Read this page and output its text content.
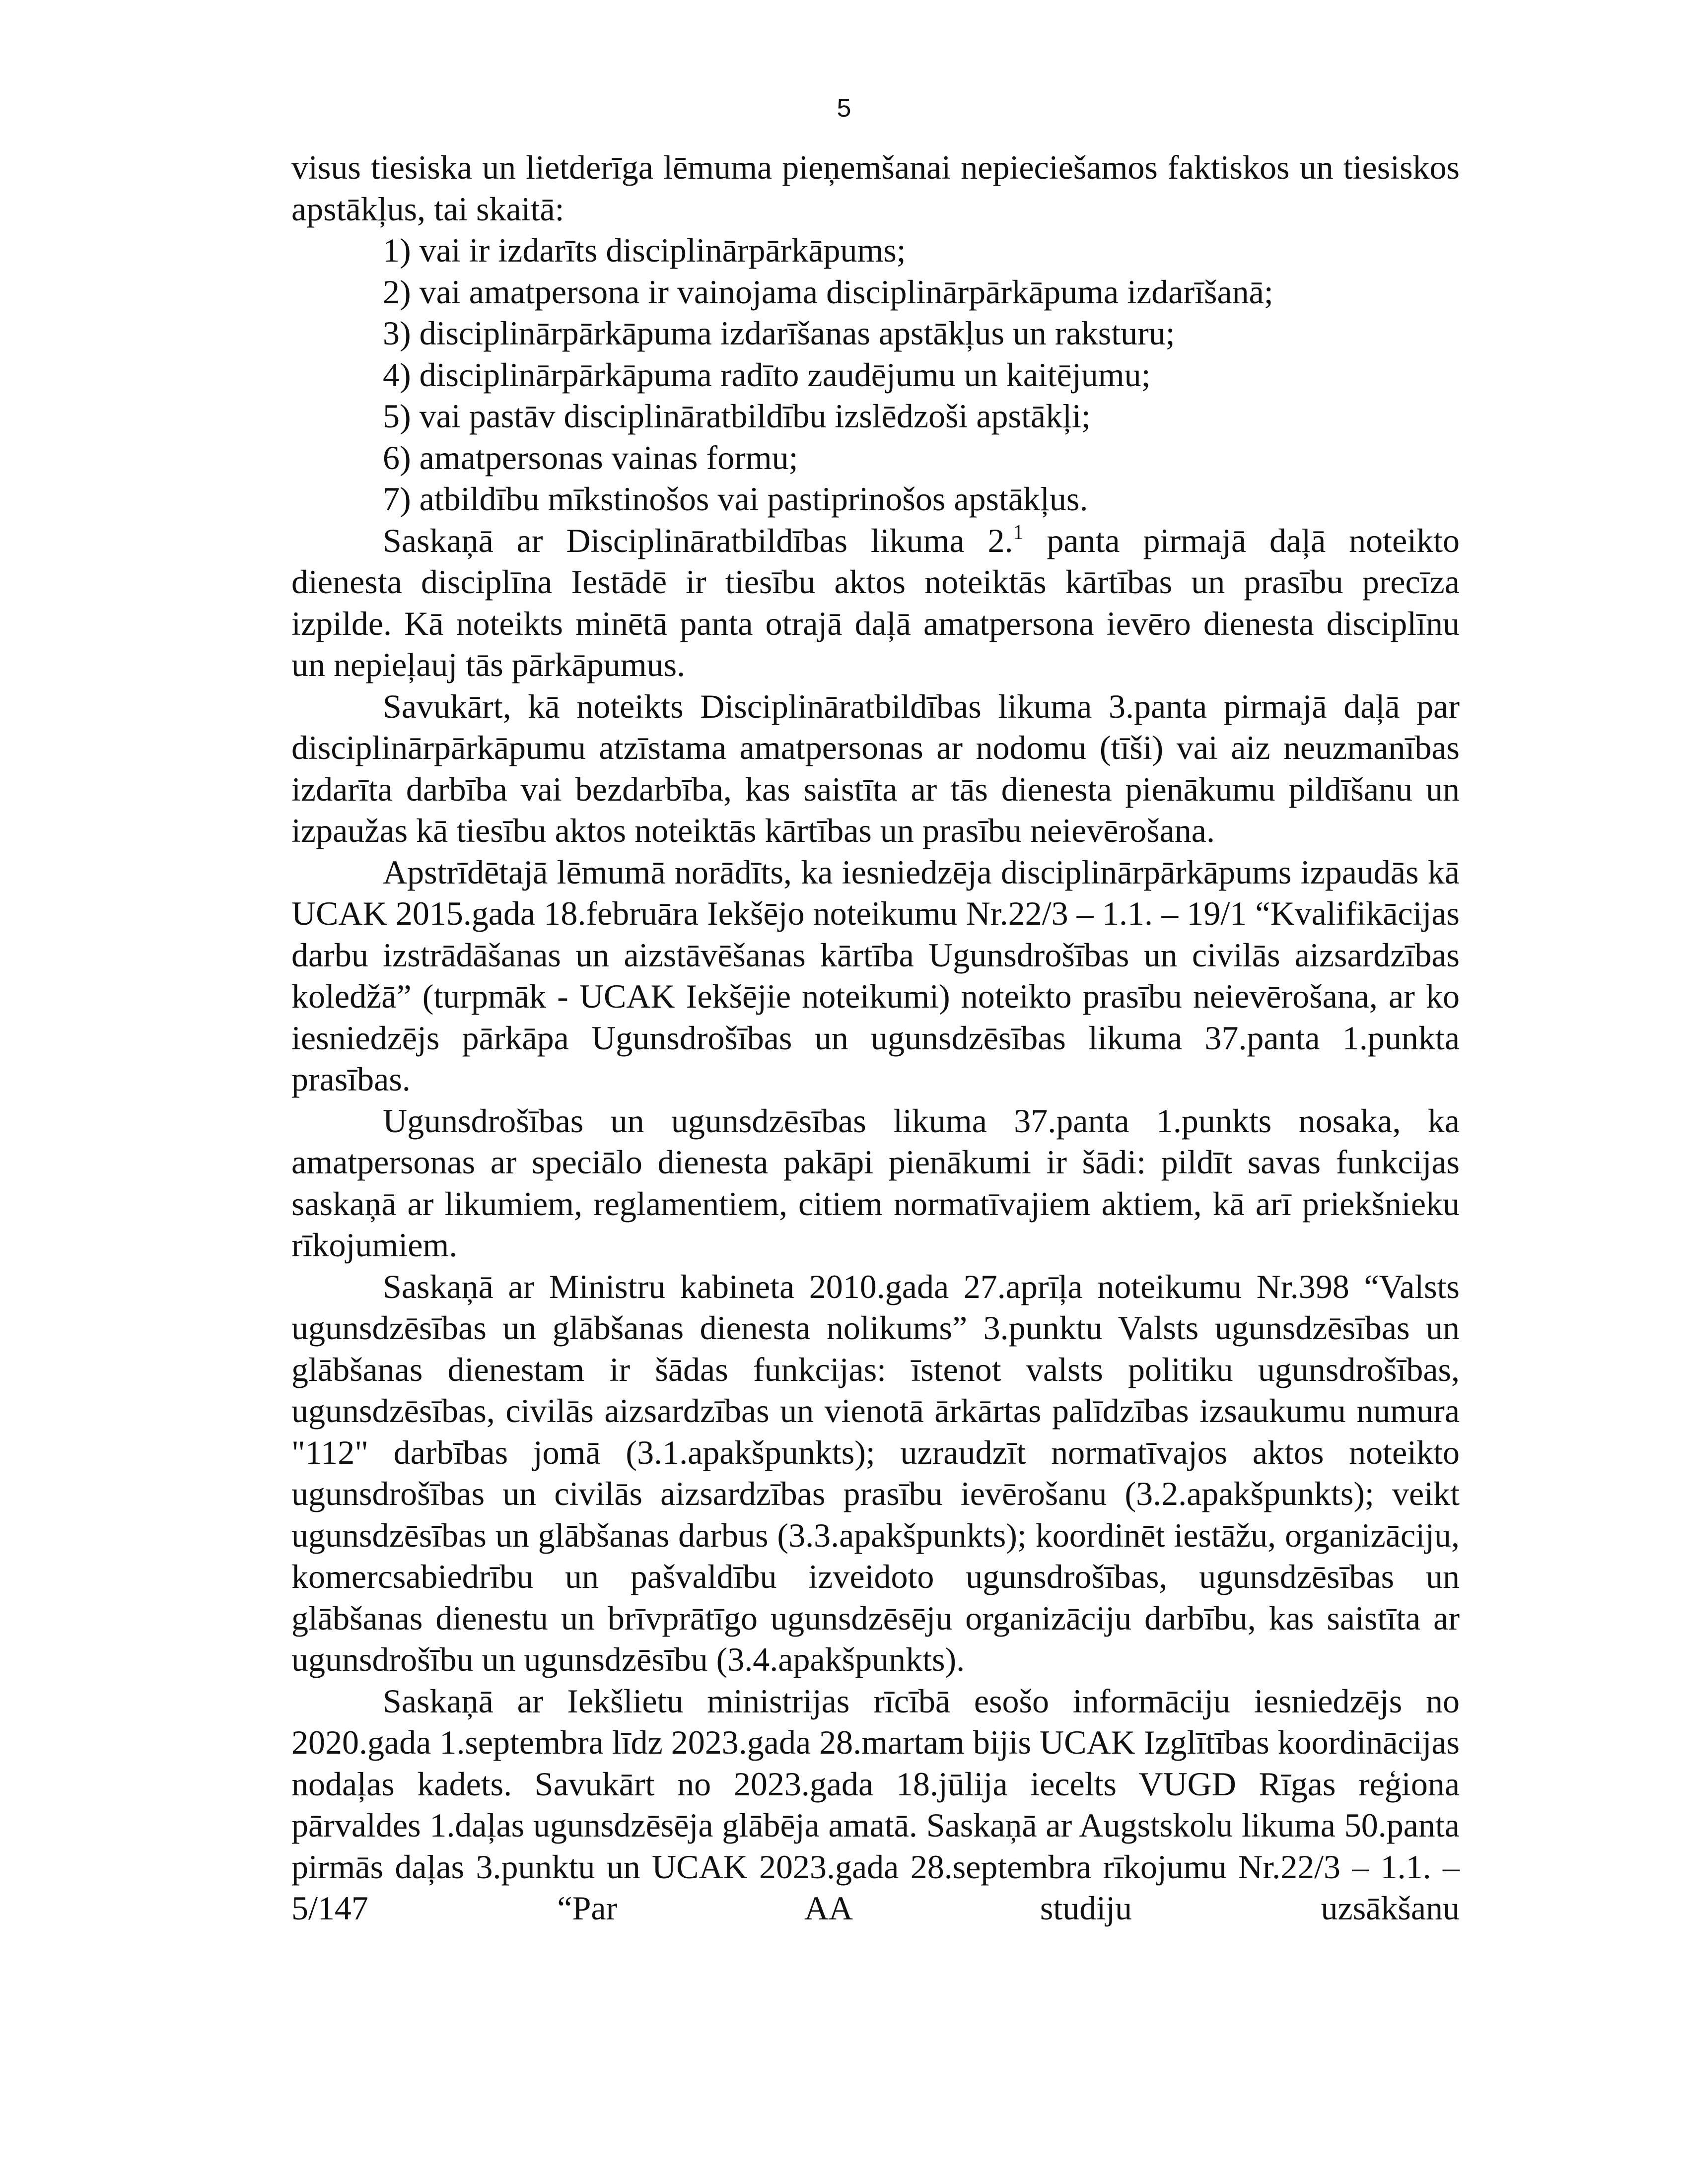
5

visus tiesiska un lietderīga lēmuma pieņemšanai nepieciešamos faktiskos un tiesiskos apstākļus, tai skaitā:

1) vai ir izdarīts disciplinārpārkāpums;
2) vai amatpersona ir vainojama disciplinārpārkāpuma izdarīšanā;
3) disciplinārpārkāpuma izdarīšanas apstākļus un raksturu;
4) disciplinārpārkāpuma radīto zaudējumu un kaitējumu;
5) vai pastāv disciplināratbildību izslēdzoši apstākļi;
6) amatpersonas vainas formu;
7) atbildību mīkstinošos vai pastiprinošos apstākļus.

Saskaņā ar Disciplināratbildības likuma 2.$^1$ panta pirmajā daļā noteikto dienesta disciplīna Iestādē ir tiesību aktos noteiktās kārtības un prasību precīza izpilde. Kā noteikts minētā panta otrajā daļā amatpersona ievēro dienesta disciplīnu un nepieļauj tās pārkāpumus.

Savukārt, kā noteikts Disciplināratbildības likuma 3.panta pirmajā daļā par disciplinārpārkāpumu atzīstama amatpersonas ar nodomu (tīši) vai aiz neuzmanības izdarīta darbība vai bezdarbība, kas saistīta ar tās dienesta pienākumu pildīšanu un izpaužas kā tiesību aktos noteiktās kārtības un prasību neievērošana.

Apstrīdētajā lēmumā norādīts, ka iesniedzēja disciplinārpārkāpums izpaudās kā UCAK 2015.gada 18.februāra Iekšējo noteikumu Nr.22/3 – 1.1. – 19/1 “Kvalifikācijas darbu izstrādāšanas un aizstāvēšanas kārtība Ugunsdrošības un civilās aizsardzības koledžā” (turpmāk - UCAK Iekšējie noteikumi) noteikto prasību neievērošana, ar ko iesniedzējs pārkāpa Ugunsdrošības un ugunsdzēsības likuma 37.panta 1.punkta prasības.

Ugunsdrošības un ugunsdzēsības likuma 37.panta 1.punkts nosaka, ka amatpersonas ar speciālo dienesta pakāpi pienākumi ir šādi: pildīt savas funkcijas saskaņā ar likumiem, reglamentiem, citiem normatīvajiem aktiem, kā arī priekšnieku rīkojumiem.

Saskaņā ar Ministru kabineta 2010.gada 27.aprīļa noteikumu Nr.398 “Valsts ugunsdzēsības un glābšanas dienesta nolikums” 3.punktu Valsts ugunsdzēsības un glābšanas dienestam ir šādas funkcijas: īstenot valsts politiku ugunsdrošības, ugunsdzēsības, civilās aizsardzības un vienotā ārkārtas palīdzības izsaukumu numura "112" darbības jomā (3.1.apakšpunkts); uzraudzīt normatīvajos aktos noteikto ugunsdrošības un civilās aizsardzības prasību ievērošanu (3.2.apakšpunkts); veikt ugunsdzēsības un glābšanas darbus (3.3.apakšpunkts); koordinēt iestāžu, organizāciju, komercsabiedrību un pašvaldību izveidoto ugunsdrošības, ugunsdzēsības un glābšanas dienestu un brīvprātīgo ugunsdzēsēju organizāciju darbību, kas saistīta ar ugunsdrošību un ugunsdzēsību (3.4.apakšpunkts).

Saskaņā ar Iekšlietu ministrijas rīcībā esošo informāciju iesniedzējs no 2020.gada 1.septembra līdz 2023.gada 28.martam bijis UCAK Izglītības koordinācijas nodaļas kadets. Savukārt no 2023.gada 18.jūlija iecelts VUGD Rīgas reģiona pārvaldes 1.daļas ugunsdzēsēja glābēja amatā. Saskaņā ar Augstskolu likuma 50.panta pirmās daļas 3.punktu un UCAK 2023.gada 28.septembra rīkojumu Nr.22/3 – 1.1. – 5/147 “Par AA studiju uzsākšanu
